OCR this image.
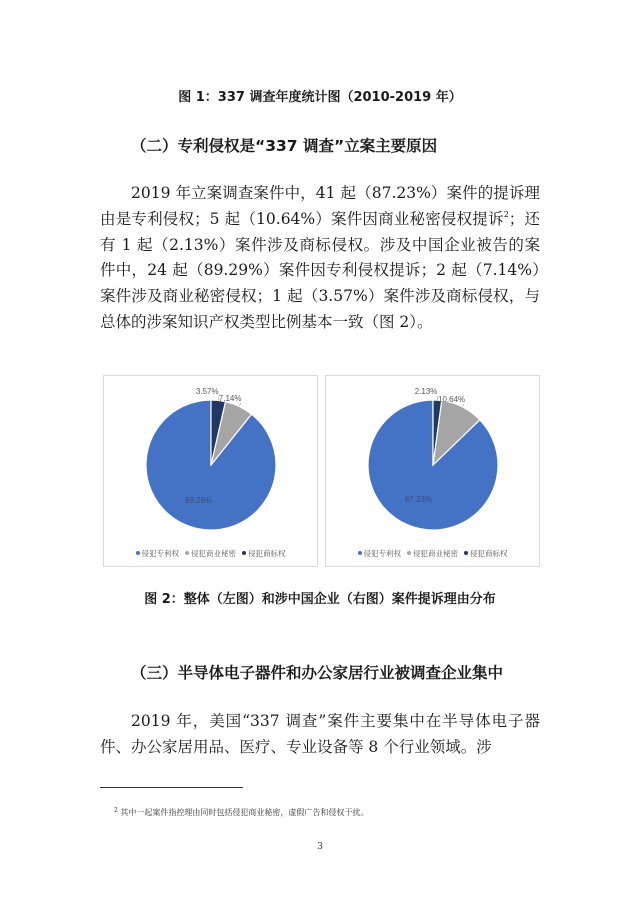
图 1：337 调查年度统计图（2010-2019 年）
（二）专利侵权是“337 调查”立案主要原因
2019 年立案调查案件中，41 起（87.23%）案件的提诉理由是专利侵权；5 起（10.64%）案件因商业秘密侵权提诉$^2$；还有 1 起（2.13%）案件涉及商标侵权。涉及中国企业被告的案件中，24 起（89.29%）案件因专利侵权提诉；2 起（7.14%）案件涉及商业秘密侵权；1 起（3.57%）案件涉及商标侵权，与总体的涉案知识产权类型比例基本一致（图 2）。
侵犯专利权 侵犯商业秘密 侵犯商标权
89.29%
7.14%
3.57%
侵犯专利权 侵犯商业秘密 侵犯商标权
87.23%
10.64%
2.13%
图 2：整体（左图）和涉中国企业（右图）案件提诉理由分布
（三）半导体电子器件和办公家居行业被调查企业集中
2019 年，美国“337 调查”案件主要集中在半导体电子器件、办公家居用品、医疗、专业设备等 8 个行业领域。涉
$^2$ 其中一起案件指控理由同时包括侵犯商业秘密，虚假广告和侵权干扰。
3
